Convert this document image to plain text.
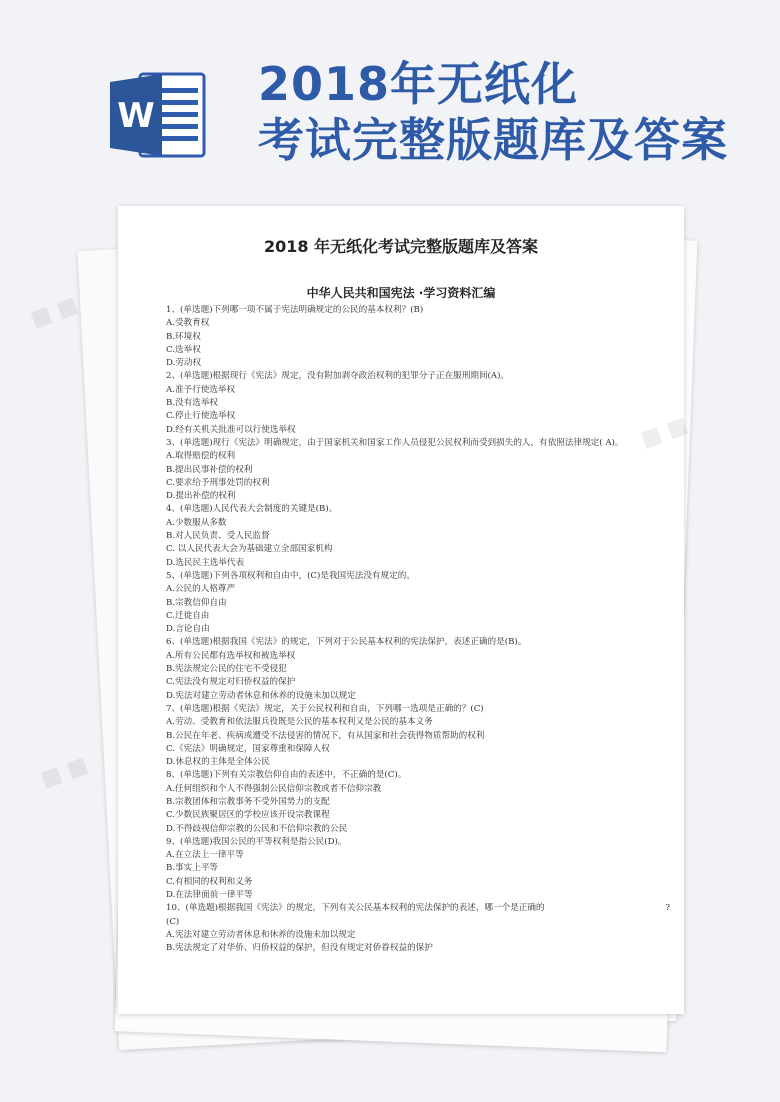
W
2018年无纸化
考试完整版题库及答案
2018 年无纸化考试完整版题库及答案
中华人民共和国宪法 ·学习资料汇编

1、(单选题)下列哪一项不属于宪法明确规定的公民的基本权利？(B)

A.受教育权

B.环境权

C.选举权

D.劳动权

2、(单选题)根据现行《宪法》规定，没有附加剥夺政治权利的犯罪分子正在服刑期间(A)。

A.准予行使选举权

B.没有选举权

C.停止行使选举权

D.经有关机关批准可以行使选举权

3、(单选题)现行《宪法》明确规定，由于国家机关和国家工作人员侵犯公民权利而受到损失的人，有依照法律规定( A)。

A.取得赔偿的权利

B.提出民事补偿的权利

C.要求给予刑事处罚的权利

D.提出补偿的权利

4、(单选题)人民代表大会制度的关键是(B)。

A.少数服从多数

B.对人民负责、受人民监督

C. 以人民代表大会为基础建立全部国家机构

D.选民民主选举代表

5、(单选题)下列各项权利和自由中，(C)是我国宪法没有规定的。

A.公民的人格尊严

B.宗教信仰自由

C.迁徙自由

D.言论自由

6、(单选题)根据我国《宪法》的规定，下列对于公民基本权利的宪法保护，表述正确的是(B)。

A.所有公民都有选举权和被选举权

B.宪法规定公民的住宅不受侵犯

C.宪法没有规定对归侨权益的保护

D.宪法对建立劳动者休息和休养的设施未加以规定

7、(单选题)根据《宪法》规定，关于公民权利和自由，下列哪一选项是正确的？(C)

A.劳动、受教育和依法服兵役既是公民的基本权利又是公民的基本义务

B.公民在年老、疾病或遭受不法侵害的情况下，有从国家和社会获得物质帮助的权利

C.《宪法》明确规定，国家尊重和保障人权

D.休息权的主体是全体公民

8、(单选题)下列有关宗教信仰自由的表述中，不正确的是(C)。

A.任何组织和个人不得强制公民信仰宗教或者不信仰宗教

B.宗教团体和宗教事务不受外国势力的支配

C.少数民族聚居区的学校应该开设宗教课程

D.不得歧视信仰宗教的公民和不信仰宗教的公民

9、(单选题)我国公民的平等权利是指公民(D)。

A.在立法上一律平等

B.事实上平等

C.有相同的权利和义务

D.在法律面前一律平等

10、(单选题)根据我国《宪法》的规定，下列有关公民基本权利的宪法保护的表述，哪一个是正确的	?

(C)

A.宪法对建立劳动者休息和休养的设施未加以规定

B.宪法规定了对华侨、归侨权益的保护，但没有规定对侨眷权益的保护

■ ■
■ ■
